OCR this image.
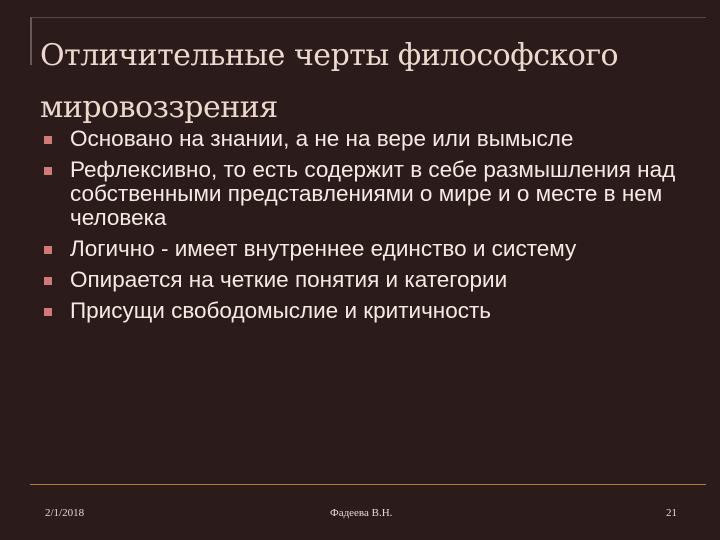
Отличительные черты философского мировоззрения
Основано на знании, а не на вере или вымысле
Рефлексивно, то есть содержит в себе размышления над собственными представлениями о мире и о месте в нем человека
Логично - имеет внутреннее единство и систему
Опирается на четкие понятия и категории
Присущи свободомыслие и критичность
2/1/2018	Фадеева В.Н.	21
